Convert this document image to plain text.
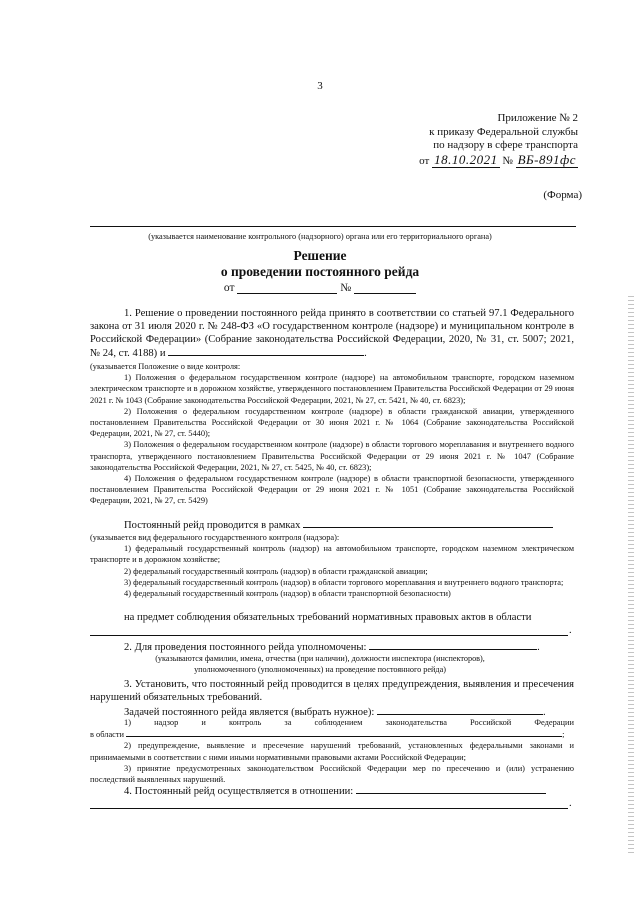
3
Приложение № 2
к приказу Федеральной службы
по надзору в сфере транспорта
от 18.10.2021 № ВБ-891фс
(Форма)
(указывается наименование контрольного (надзорного) органа или его территориального органа)
Решение
о проведении постоянного рейда
от	№

1. Решение о проведении постоянного рейда принято в соответствии со статьей 97.1 Федерального закона от 31 июля 2020 г. № 248-ФЗ «О государственном контроле (надзоре) и муниципальном контроле в Российской Федерации» (Собрание законодательства Российской Федерации, 2020, № 31, ст. 5007; 2021, № 24, ст. 4188) и	.

(указывается Положение о виде контроля:

1) Положения о федеральном государственном контроле (надзоре) на автомобильном транспорте, городском наземном электрическом транспорте и в дорожном хозяйстве, утвержденного постановлением Правительства Российской Федерации от 29 июня 2021 г. № 1043 (Собрание законодательства Российской Федерации, 2021, № 27, ст. 5421, № 40, ст. 6823);

2) Положения о федеральном государственном контроле (надзоре) в области гражданской авиации, утвержденного постановлением Правительства Российской Федерации от 30 июня 2021 г. № 1064 (Собрание законодательства Российской Федерации, 2021, № 27, ст. 5440);

3) Положения о федеральном государственном контроле (надзоре) в области торгового мореплавания и внутреннего водного транспорта, утвержденного постановлением Правительства Российской Федерации от 29 июня 2021 г. № 1047 (Собрание законодательства Российской Федерации, 2021, № 27, ст. 5425, № 40, ст. 6823);

4) Положения о федеральном государственном контроле (надзоре) в области транспортной безопасности, утвержденного постановлением Правительства Российской Федерации от 29 июня 2021 г. № 1051 (Собрание законодательства Российской Федерации, 2021, № 27, ст. 5429)

Постоянный рейд проводится в рамках

(указывается вид федерального государственного контроля (надзора):

1) федеральный государственный контроль (надзор) на автомобильном транспорте, городском наземном электрическом транспорте и в дорожном хозяйстве;

2) федеральный государственный контроль (надзор) в области гражданской авиации;

3) федеральный государственный контроль (надзор) в области торгового мореплавания и внутреннего водного транспорта;

4) федеральный государственный контроль (надзор) в области транспортной безопасности)

на предмет соблюдения обязательных требований нормативных правовых актов в области

.

2. Для проведения постоянного рейда уполномочены:	.

(указываются фамилии, имена, отчества (при наличии), должности инспектора (инспекторов),
уполномоченного (уполномоченных) на проведение постоянного рейда)

3. Установить, что постоянный рейд проводится в целях предупреждения, выявления и пресечения нарушений обязательных требований.

Задачей постоянного рейда является (выбрать нужное):	.

1)	надзор	и	контроль	за	соблюдением	законодательства	Российской	Федерации

в области	;

2) предупреждение, выявление и пресечение нарушений требований, установленных федеральными законами и принимаемыми в соответствии с ними иными нормативными правовыми актами Российской Федерации;

3) принятие предусмотренных законодательством Российской Федерации мер по пресечению и (или) устранению последствий выявленных нарушений.

4. Постоянный рейд осуществляется в отношении:

.
